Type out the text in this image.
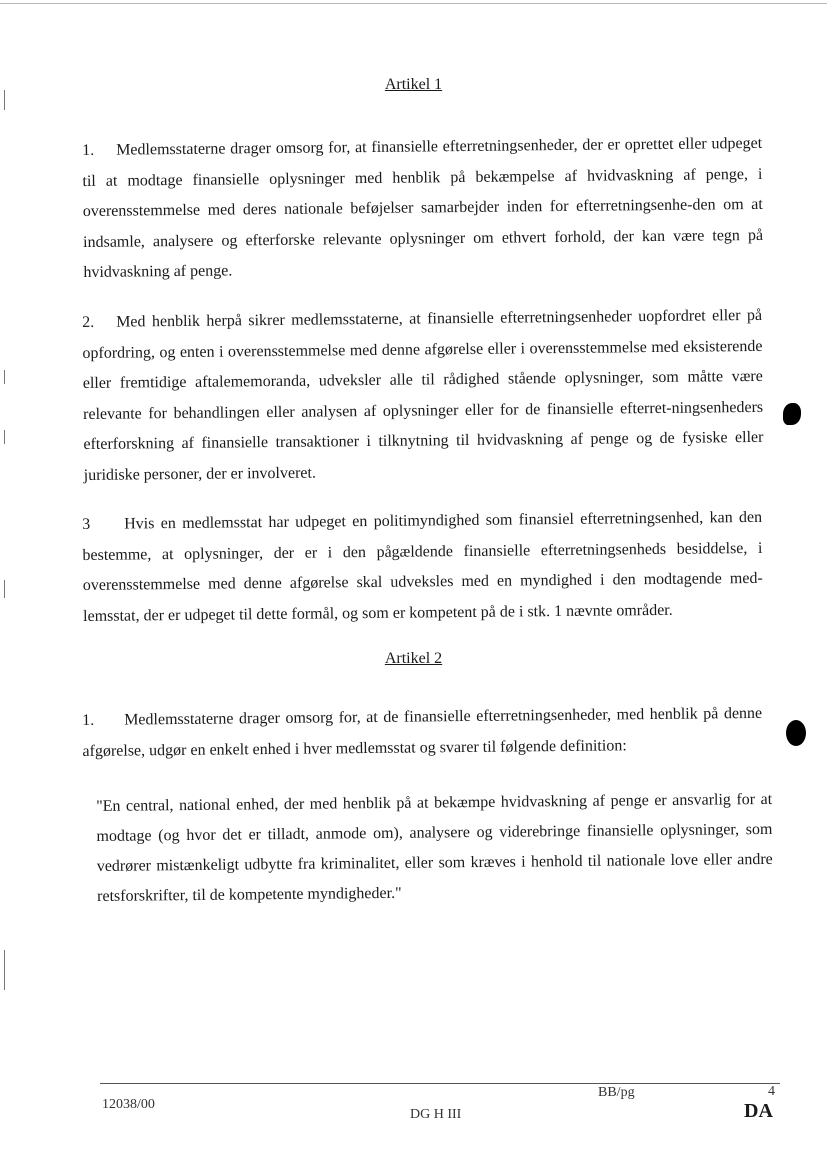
Artikel 1
1. Medlemsstaterne drager omsorg for, at finansielle efterretningsenheder, der er oprettet eller udpeget til at modtage finansielle oplysninger med henblik på bekæmpelse af hvidvaskning af penge, i overensstemmelse med deres nationale beføjelser samarbejder inden for efterretningsenhe-den om at indsamle, analysere og efterforske relevante oplysninger om ethvert forhold, der kan være tegn på hvidvaskning af penge.
2. Med henblik herpå sikrer medlemsstaterne, at finansielle efterretningsenheder uopfordret eller på opfordring, og enten i overensstemmelse med denne afgørelse eller i overensstemmelse med eksisterende eller fremtidige aftalememoranda, udveksler alle til rådighed stående oplysninger, som måtte være relevante for behandlingen eller analysen af oplysninger eller for de finansielle efterret-ningsenheders efterforskning af finansielle transaktioner i tilknytning til hvidvaskning af penge og de fysiske eller juridiske personer, der er involveret.
3 Hvis en medlemsstat har udpeget en politimyndighed som finansiel efterretningsenhed, kan den bestemme, at oplysninger, der er i den pågældende finansielle efterretningsenheds besiddelse, i overensstemmelse med denne afgørelse skal udveksles med en myndighed i den modtagende med-lemsstat, der er udpeget til dette formål, og som er kompetent på de i stk. 1 nævnte områder.
Artikel 2
1. Medlemsstaterne drager omsorg for, at de finansielle efterretningsenheder, med henblik på denne afgørelse, udgør en enkelt enhed i hver medlemsstat og svarer til følgende definition:
"En central, national enhed, der med henblik på at bekæmpe hvidvaskning af penge er ansvarlig for at modtage (og hvor det er tilladt, anmode om), analysere og viderebringe finansielle oplysninger, som vedrører mistænkeligt udbytte fra kriminalitet, eller som kræves i henhold til nationale love eller andre retsforskrifter, til de kompetente myndigheder."
12038/00
BB/pg	4
DG H III	DA
